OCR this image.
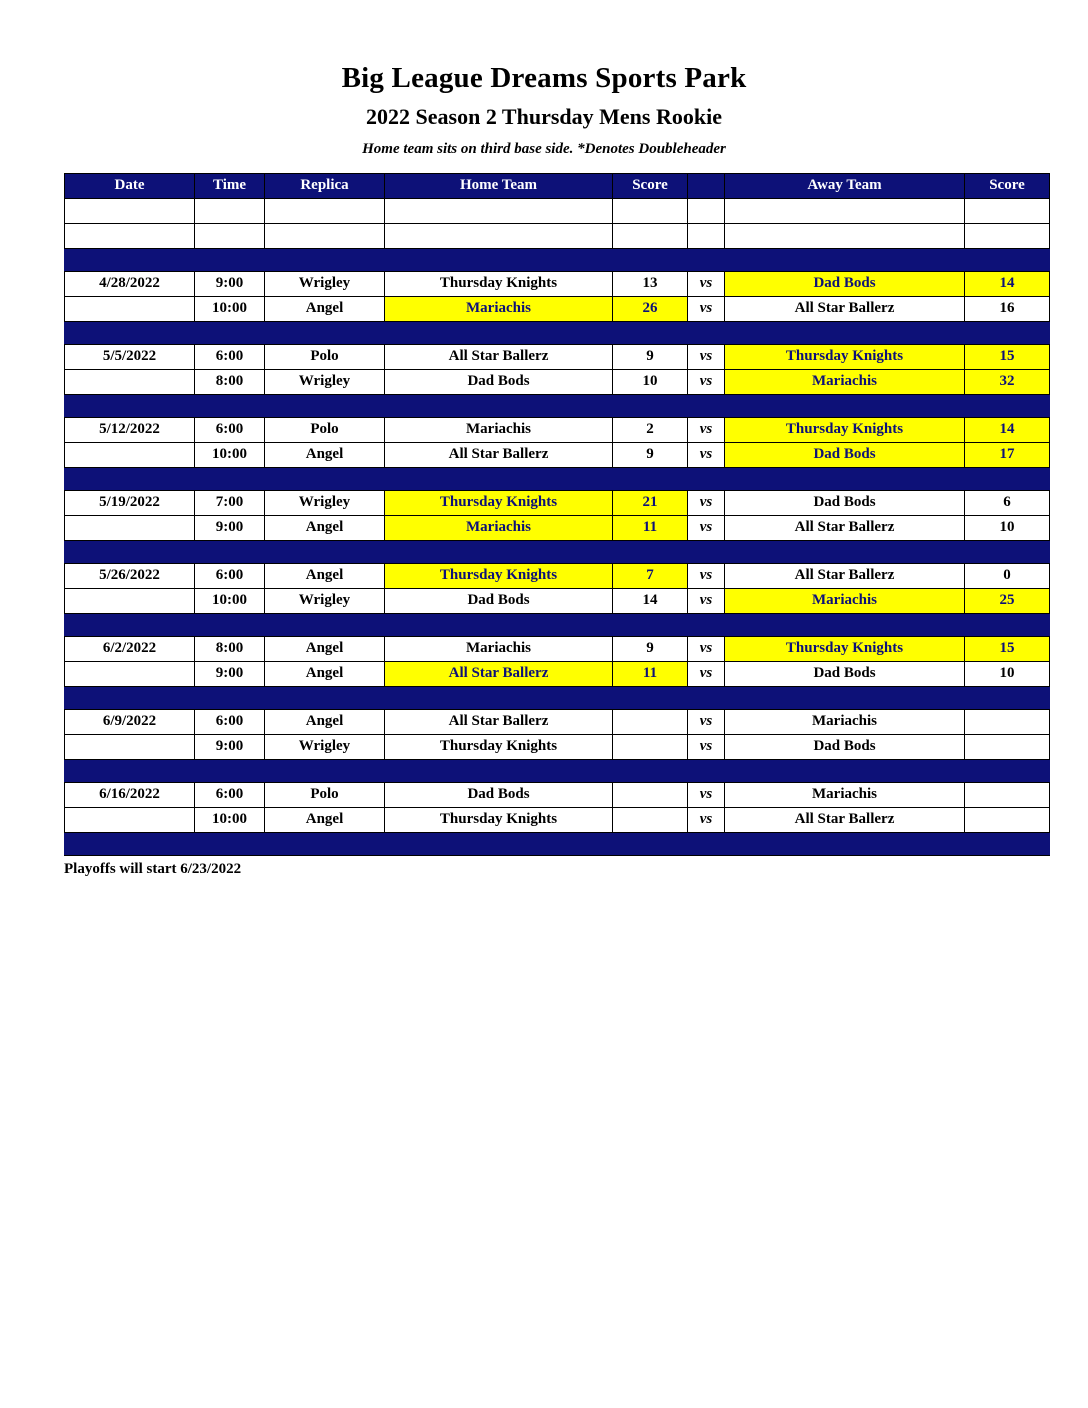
Big League Dreams Sports Park
2022 Season 2 Thursday Mens Rookie
Home team sits on third base side. *Denotes Doubleheader
Date	Time	Replica	Home Team	Score		Away Team	Score

4/28/2022	9:00	Wrigley	Thursday Knights	13	vs	Dad Bods	14
	10:00	Angel	Mariachis	26	vs	All Star Ballerz	16

5/5/2022	6:00	Polo	All Star Ballerz	9	vs	Thursday Knights	15
	8:00	Wrigley	Dad Bods	10	vs	Mariachis	32

5/12/2022	6:00	Polo	Mariachis	2	vs	Thursday Knights	14
	10:00	Angel	All Star Ballerz	9	vs	Dad Bods	17

5/19/2022	7:00	Wrigley	Thursday Knights	21	vs	Dad Bods	6
	9:00	Angel	Mariachis	11	vs	All Star Ballerz	10

5/26/2022	6:00	Angel	Thursday Knights	7	vs	All Star Ballerz	0
	10:00	Wrigley	Dad Bods	14	vs	Mariachis	25

6/2/2022	8:00	Angel	Mariachis	9	vs	Thursday Knights	15
	9:00	Angel	All Star Ballerz	11	vs	Dad Bods	10

6/9/2022	6:00	Angel	All Star Ballerz		vs	Mariachis	
	9:00	Wrigley	Thursday Knights		vs	Dad Bods	

6/16/2022	6:00	Polo	Dad Bods		vs	Mariachis	
	10:00	Angel	Thursday Knights		vs	All Star Ballerz	

Playoffs will start 6/23/2022
